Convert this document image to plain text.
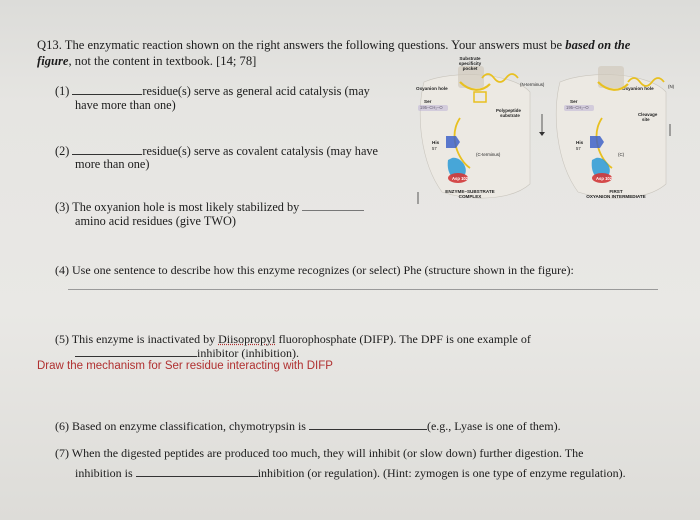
Q13. The enzymatic reaction shown on the right answers the following questions. Your answers must be based on the
figure, not the content in textbook. [14; 78]
(1)	residue(s) serve as general acid catalysis (may
have more than one)
(2)	residue(s) serve as covalent catalysis (may have
more than one)
(3) The oxyanion hole is most likely stabilized by
amino acid residues (give TWO)
(4) Use one sentence to describe how this enzyme recognizes (or select) Phe (structure shown in the figure):
(5) This enzyme is inactivated by Diisopropyl fluorophosphate (DIFP). The DPF is one example of
inhibitor (inhibition).
Draw the mechanism for Ser residue interacting with DIFP
(6) Based on enzyme classification, chymotrypsin is	(e.g., Lyase is one of them).
(7) When the digested peptides are produced too much, they will inhibit (or slow down) further digestion. The
inhibition is	inhibition (or regulation). (Hint: zymogen is one type of enzyme regulation).
Substrate
specificity
pocket
Oxyanion hole
(N-terminus)
Ser
195–CH₂–O
Polypeptide
substrate
His
57
(C-terminus)
Asp 102
ENZYME–SUBSTRATE
COMPLEX
Oxyanion hole	(N)
Ser
195–CH₂–O
Cleavage
site
His
57
(C)
Asp 102
FIRST
OXYANION INTERMEDIATE
